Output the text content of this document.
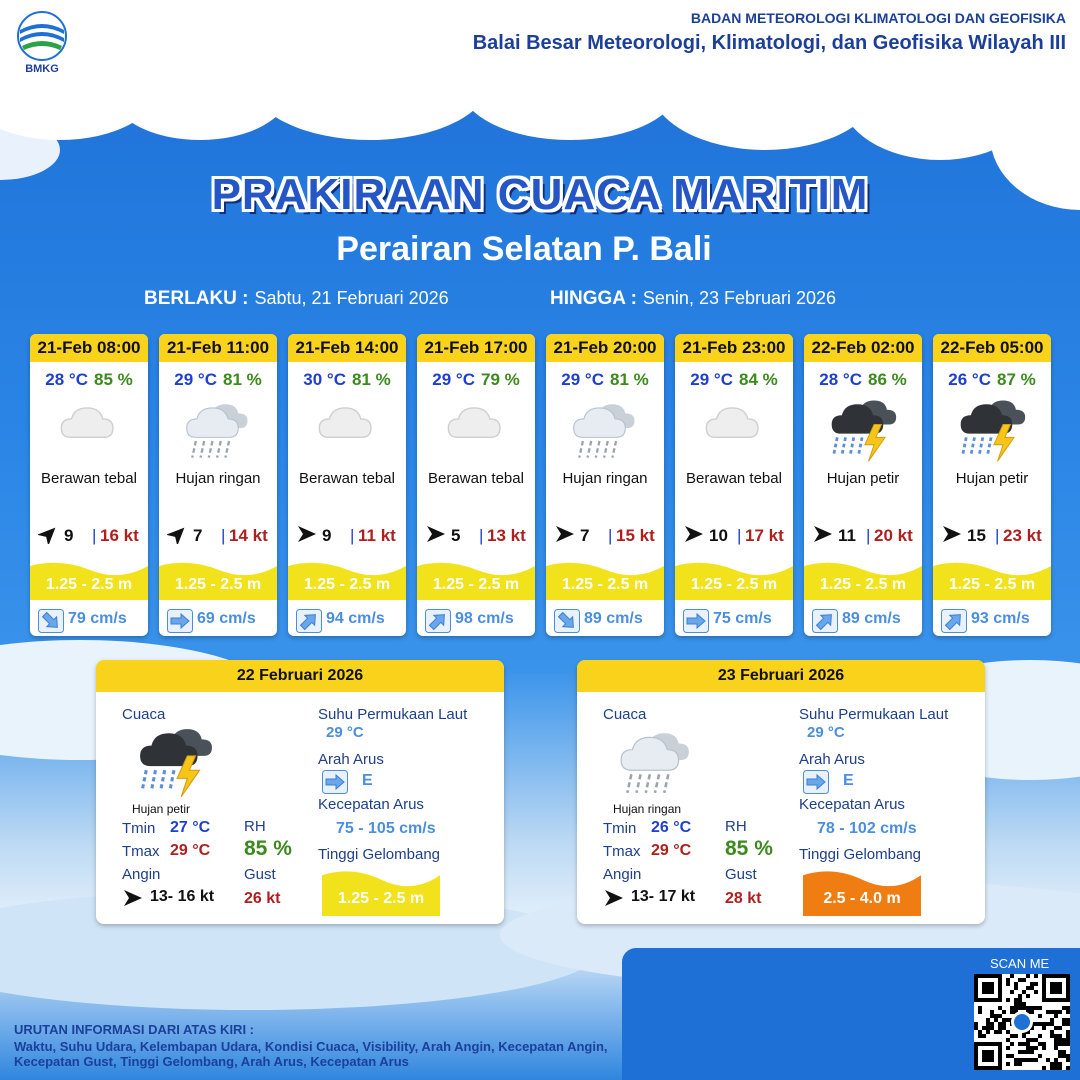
BMKG
BADAN METEOROLOGI KLIMATOLOGI DAN GEOFISIKA
Balai Besar Meteorologi, Klimatologi, dan Geofisika Wilayah III
PRAKIRAAN CUACA MARITIM
Perairan Selatan P. Bali
BERLAKU : Sabtu, 21 Februari 2026	HINGGA : Senin, 23 Februari 2026
21-Feb 08:00
28 °C 85 %
Berawan tebal
9 | 16 kt
1.25 - 2.5 m
79 cm/s
21-Feb 11:00
29 °C 81 %
Hujan ringan
7 | 14 kt
1.25 - 2.5 m
69 cm/s
21-Feb 14:00
30 °C 81 %
Berawan tebal
9 | 11 kt
1.25 - 2.5 m
94 cm/s
21-Feb 17:00
29 °C 79 %
Berawan tebal
5 | 13 kt
1.25 - 2.5 m
98 cm/s
21-Feb 20:00
29 °C 81 %
Hujan ringan
7 | 15 kt
1.25 - 2.5 m
89 cm/s
21-Feb 23:00
29 °C 84 %
Berawan tebal
10 | 17 kt
1.25 - 2.5 m
75 cm/s
22-Feb 02:00
28 °C 86 %
Hujan petir
11 | 20 kt
1.25 - 2.5 m
89 cm/s
22-Feb 05:00
26 °C 87 %
Hujan petir
15 | 23 kt
1.25 - 2.5 m
93 cm/s
22 Februari 2026
Cuaca
Hujan petir
Tmin 27 °C
Tmax 29 °C
RH
85 %
Angin
13- 16 kt
Gust
26 kt
Suhu Permukaan Laut
29 °C
Arah Arus
E
Kecepatan Arus
75 - 105 cm/s
Tinggi Gelombang
1.25 - 2.5 m
23 Februari 2026
Cuaca
Hujan ringan
Tmin 26 °C
Tmax 29 °C
RH
85 %
Angin
13- 17 kt
Gust
28 kt
Suhu Permukaan Laut
29 °C
Arah Arus
E
Kecepatan Arus
78 - 102 cm/s
Tinggi Gelombang
2.5 - 4.0 m
SCAN ME
URUTAN INFORMASI DARI ATAS KIRI :
Waktu, Suhu Udara, Kelembapan Udara, Kondisi Cuaca, Visibility, Arah Angin, Kecepatan Angin, Kecepatan Gust, Tinggi Gelombang, Arah Arus, Kecepatan Arus
